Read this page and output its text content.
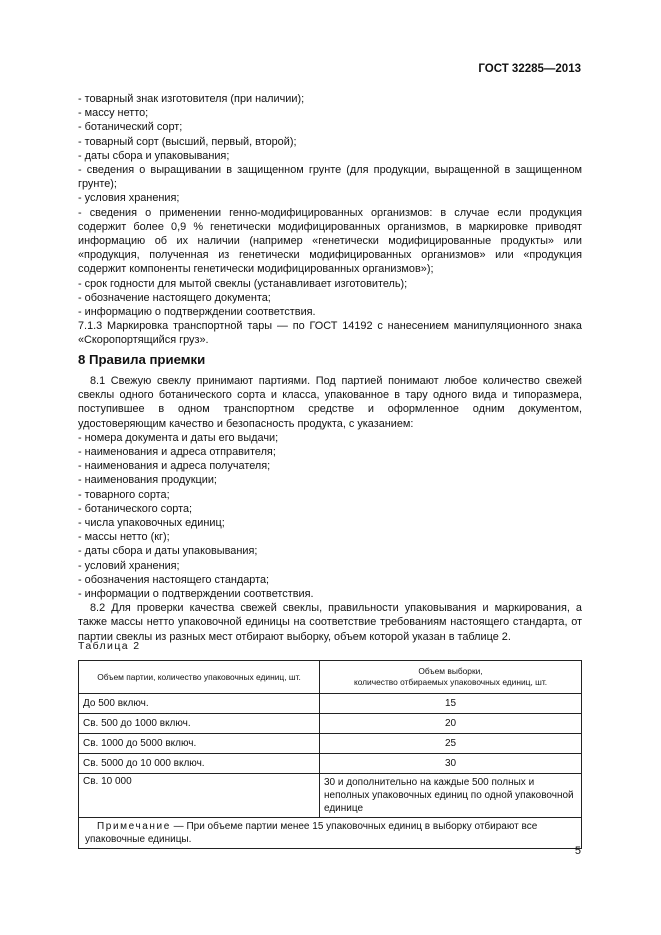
ГОСТ 32285—2013

- товарный знак изготовителя (при наличии);

- массу нетто;

- ботанический сорт;

- товарный сорт (высший, первый, второй);

- даты сбора и упаковывания;

- сведения о выращивании в защищенном грунте (для продукции, выращенной в защищенном грунте);

- условия хранения;

- сведения о применении генно-модифицированных организмов: в случае если продукция содержит более 0,9 % генетически модифицированных организмов, в маркировке приводят информацию об их наличии (например «генетически модифицированные продукты» или «продукция, полученная из генетически модифицированных организмов» или «продукция содержит компоненты генетически модифицированных организмов»);

- срок годности для мытой свеклы (устанавливает изготовитель);

- обозначение настоящего документа;

- информацию о подтверждении соответствия.

7.1.3 Маркировка транспортной тары — по ГОСТ 14192 с нанесением манипуляционного знака «Скоропортящийся груз».

8 Правила приемки

8.1 Свежую свеклу принимают партиями. Под партией понимают любое количество свежей свеклы одного ботанического сорта и класса, упакованное в тару одного вида и типоразмера, поступившее в одном транспортном средстве и оформленное одним документом, удостоверяющим качество и безопасность продукта, с указанием:

- номера документа и даты его выдачи;

- наименования и адреса отправителя;

- наименования и адреса получателя;

- наименования продукции;

- товарного сорта;

- ботанического сорта;

- числа упаковочных единиц;

- массы нетто (кг);

- даты сбора и даты упаковывания;

- условий хранения;

- обозначения настоящего стандарта;

- информации о подтверждении соответствия.

8.2 Для проверки качества свежей свеклы, правильности упаковывания и маркирования, а также массы нетто упаковочной единицы на соответствие требованиям настоящего стандарта, от партии свеклы из разных мест отбирают выборку, объем которой указан в таблице 2.

Таблица 2
Объем партии, количество упаковочных единиц, шт.	Объем выборки,
количество отбираемых упаковочных единиц, шт.
До 500 включ.	15
Св. 500 до 1000 включ.	20
Св. 1000 до 5000 включ.	25
Св. 5000 до 10 000 включ.	30
Св. 10 000	30 и дополнительно на каждые 500 полных и неполных упаковочных единиц по одной упаковочной единице
Примечание — При объеме партии менее 15 упаковочных единиц в выборку отбирают все упаковочные единицы.	
5
